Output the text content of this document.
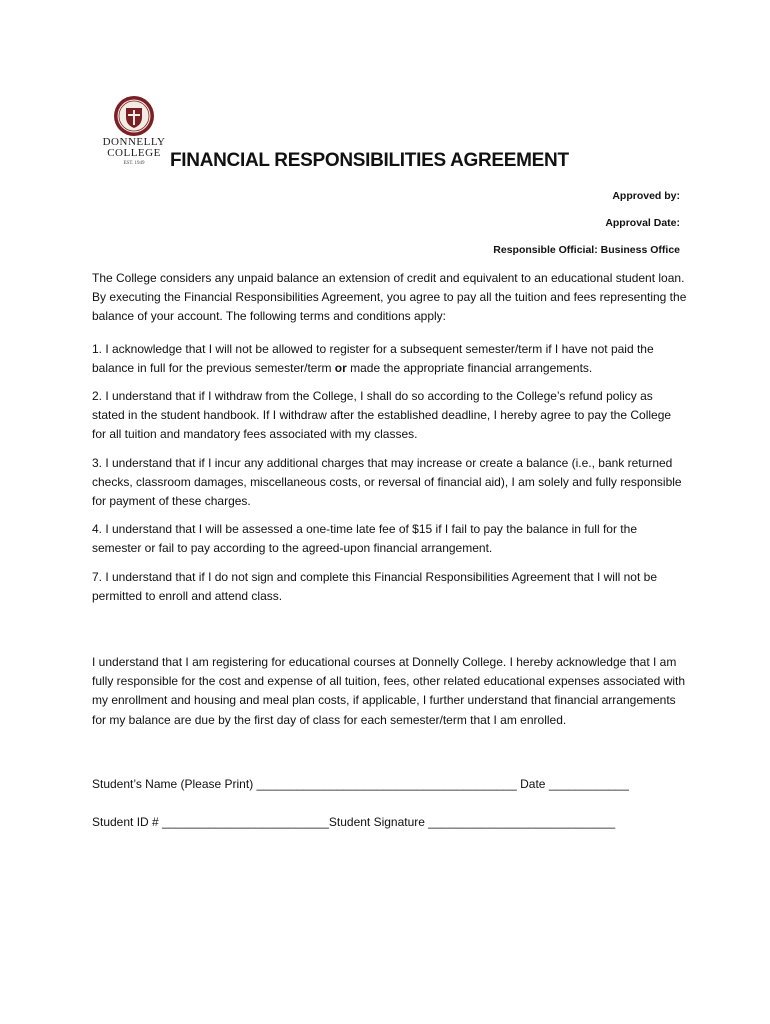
DONNELLY
COLLEGE
EST. 1949	FINANCIAL RESPONSIBILITIES AGREEMENT
Approved by:
Approval Date:
Responsible Official: Business Office

The College considers any unpaid balance an extension of credit and equivalent to an educational student loan. By executing the Financial Responsibilities Agreement, you agree to pay all the tuition and fees representing the balance of your account. The following terms and conditions apply:

1. I acknowledge that I will not be allowed to register for a subsequent semester/term if I have not paid the balance in full for the previous semester/term or made the appropriate financial arrangements.

2. I understand that if I withdraw from the College, I shall do so according to the College’s refund policy as stated in the student handbook. If I withdraw after the established deadline, I hereby agree to pay the College for all tuition and mandatory fees associated with my classes.

3. I understand that if I incur any additional charges that may increase or create a balance (i.e., bank returned checks, classroom damages, miscellaneous costs, or reversal of financial aid), I am solely and fully responsible for payment of these charges.

4. I understand that I will be assessed a one-time late fee of $15 if I fail to pay the balance in full for the semester or fail to pay according to the agreed-upon financial arrangement.

7. I understand that if I do not sign and complete this Financial Responsibilities Agreement that I will not be permitted to enroll and attend class.

I understand that I am registering for educational courses at Donnelly College. I hereby acknowledge that I am fully responsible for the cost and expense of all tuition, fees, other related educational expenses associated with my enrollment and housing and meal plan costs, if applicable, I further understand that financial arrangements for my balance are due by the first day of class for each semester/term that I am enrolled.

Student’s Name (Please Print) _______________________________________ Date ____________

Student ID # _________________________Student Signature ____________________________
